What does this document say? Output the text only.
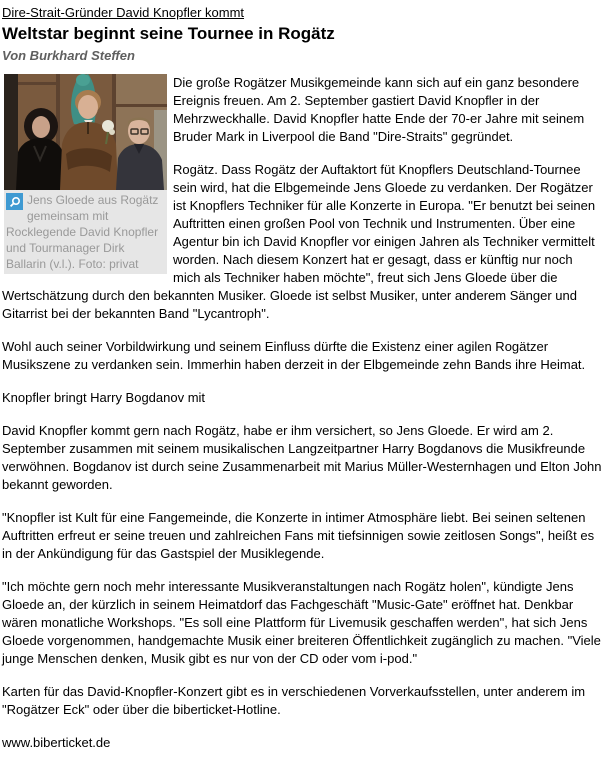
Dire-Strait-Gründer David Knopfler kommt
Weltstar beginnt seine Tournee in Rogätz
Von Burkhard Steffen
Jens Gloede aus Rogätz gemeinsam mit Rocklegende David Knopfler und Tourmanager Dirk Ballarin (v.l.). Foto: privat

Die große Rogätzer Musikgemeinde kann sich auf ein ganz besondere Ereignis freuen. Am 2. September gastiert David Knopfler in der Mehrzweckhalle. David Knopfler hatte Ende der 70-er Jahre mit seinem Bruder Mark in Liverpool die Band "Dire-Straits" gegründet.

Rogätz. Dass Rogätz der Auftaktort füt Knopflers Deutschland-Tournee sein wird, hat die Elbgemeinde Jens Gloede zu verdanken. Der Rogätzer ist Knopflers Techniker für alle Konzerte in Europa. "Er benutzt bei seinen Auftritten einen großen Pool von Technik und Instrumenten. Über eine Agentur bin ich David Knopfler vor einigen Jahren als Techniker vermittelt worden. Nach diesem Konzert hat er gesagt, dass er künftig nur noch mich als Techniker haben möchte", freut sich Jens Gloede über die Wertschätzung durch den bekannten Musiker. Gloede ist selbst Musiker, unter anderem Sänger und Gitarrist bei der bekannten Band "Lycantroph".

Wohl auch seiner Vorbildwirkung und seinem Einfluss dürfte die Existenz einer agilen Rogätzer Musikszene zu verdanken sein. Immerhin haben derzeit in der Elbgemeinde zehn Bands ihre Heimat.

Knopfler bringt Harry Bogdanov mit

David Knopfler kommt gern nach Rogätz, habe er ihm versichert, so Jens Gloede. Er wird am 2. September zusammen mit seinem musikalischen Langzeitpartner Harry Bogdanovs die Musikfreunde verwöhnen. Bogdanov ist durch seine Zusammenarbeit mit Marius Müller-Westernhagen und Elton John bekannt geworden.

"Knopfler ist Kult für eine Fangemeinde, die Konzerte in intimer Atmosphäre liebt. Bei seinen seltenen Auftritten erfreut er seine treuen und zahlreichen Fans mit tiefsinnigen sowie zeitlosen Songs", heißt es in der Ankündigung für das Gastspiel der Musiklegende.

"Ich möchte gern noch mehr interessante Musikveranstaltungen nach Rogätz holen", kündigte Jens Gloede an, der kürzlich in seinem Heimatdorf das Fachgeschäft "Music-Gate" eröffnet hat. Denkbar wären monatliche Workshops. "Es soll eine Plattform für Livemusik geschaffen werden", hat sich Jens Gloede vorgenommen, handgemachte Musik einer breiteren Öffentlichkeit zugänglich zu machen. "Viele junge Menschen denken, Musik gibt es nur von der CD oder vom i-pod."

Karten für das David-Knopfler-Konzert gibt es in verschiedenen Vorverkaufsstellen, unter anderem im "Rogätzer Eck" oder über die biberticket-Hotline.

www.biberticket.de
